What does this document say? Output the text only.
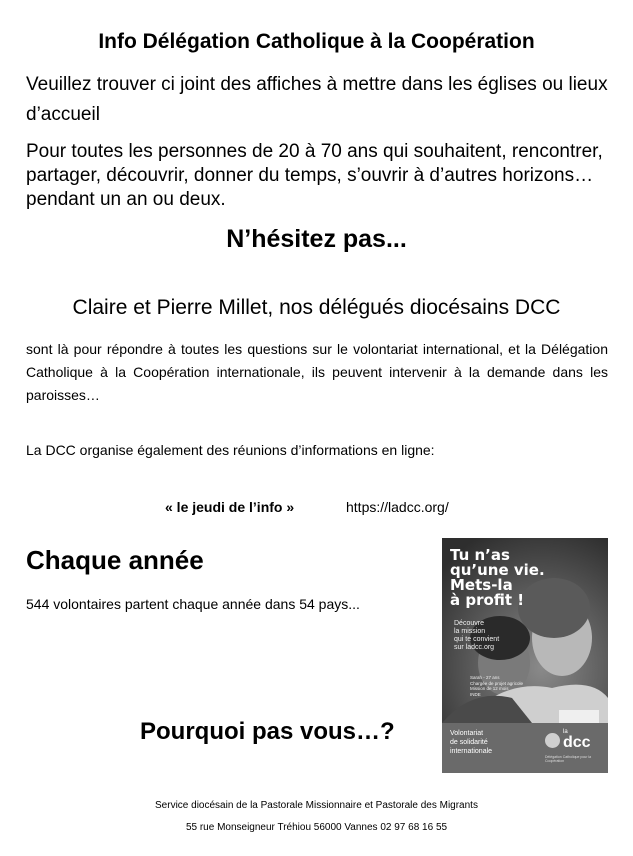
Info Délégation Catholique à la Coopération
Veuillez trouver ci joint des affiches à mettre dans les églises ou lieux d’accueil
Pour toutes les personnes de 20 à 70 ans qui souhaitent, rencontrer, partager, découvrir, donner du temps, s’ouvrir à d’autres horizons… pendant un an ou deux.
N’hésitez pas...
Claire et Pierre Millet, nos délégués diocésains DCC
sont là pour répondre à toutes les questions sur le volontariat international, et la Délégation Catholique à la Coopération internationale, ils peuvent intervenir à la demande dans les paroisses…
La DCC organise également des réunions d’informations en ligne:
« le jeudi de l’info »	https://ladcc.org/
Chaque année
544 volontaires partent chaque année dans 54 pays...
Tu n’as
qu’une vie.
Mets-la
à profit !
Découvre
la mission
qui te convient
sur ladcc.org
Sarah - 27 ans
Chargée de projet agricole
Mission de 12 mois
INDE
Volontariat
de solidarité
internationale
la
dcc
Délégation Catholique pour la Coopération
Pourquoi pas vous…?
Service diocésain de la Pastorale Missionnaire et Pastorale des Migrants
55 rue Monseigneur Tréhiou 56000 Vannes 02 97 68 16 55
